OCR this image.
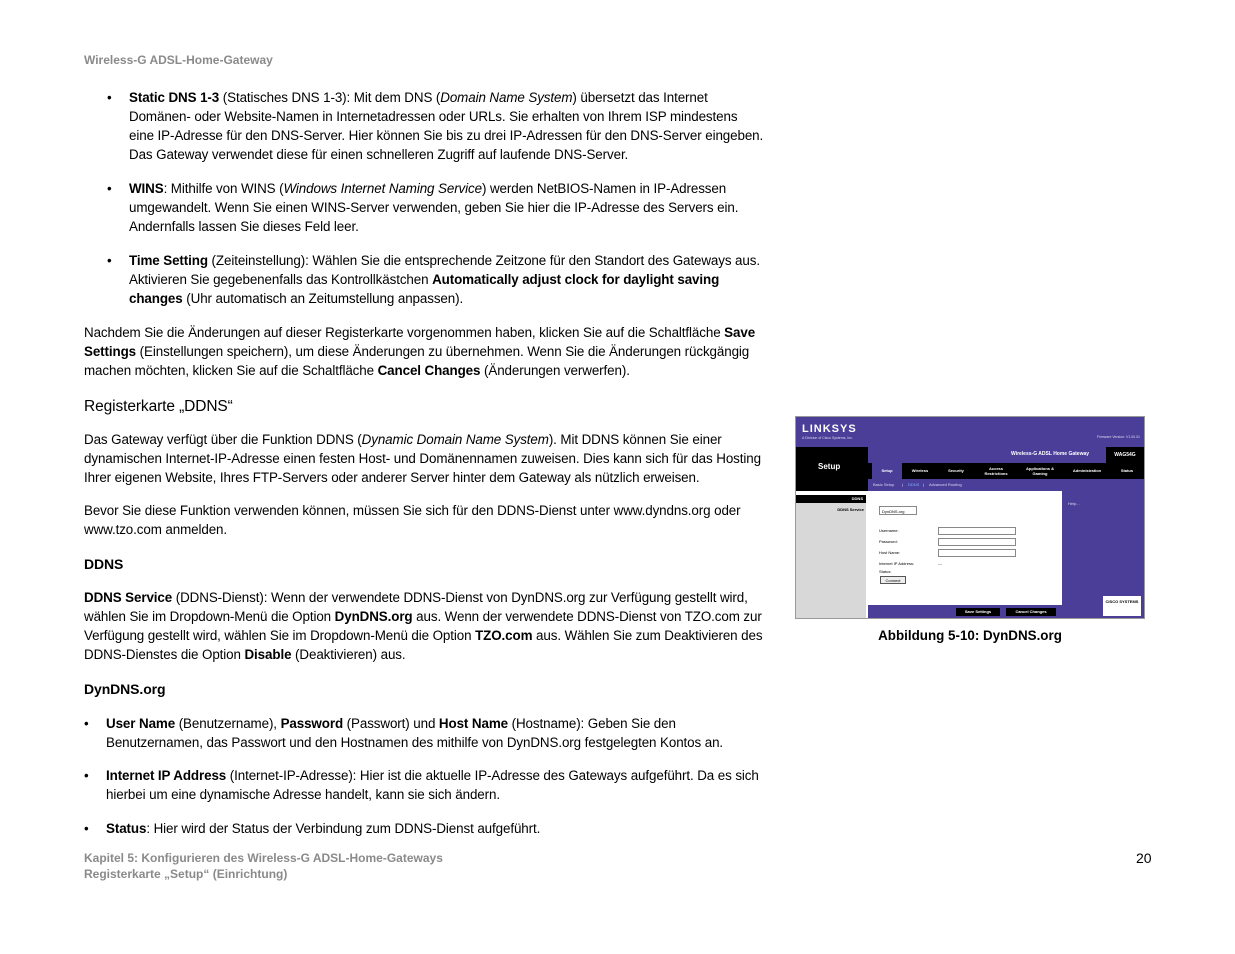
Wireless-G ADSL-Home-Gateway

• Static DNS 1-3 (Statisches DNS 1-3): Mit dem DNS (Domain Name System) übersetzt das Internet Domänen- oder Website-Namen in Internetadressen oder URLs. Sie erhalten von Ihrem ISP mindestens eine IP-Adresse für den DNS-Server. Hier können Sie bis zu drei IP-Adressen für den DNS-Server eingeben. Das Gateway verwendet diese für einen schnelleren Zugriff auf laufende DNS-Server.

• WINS: Mithilfe von WINS (Windows Internet Naming Service) werden NetBIOS-Namen in IP-Adressen umgewandelt. Wenn Sie einen WINS-Server verwenden, geben Sie hier die IP-Adresse des Servers ein. Andernfalls lassen Sie dieses Feld leer.

• Time Setting (Zeiteinstellung): Wählen Sie die entsprechende Zeitzone für den Standort des Gateways aus. Aktivieren Sie gegebenenfalls das Kontrollkästchen Automatically adjust clock for daylight saving changes (Uhr automatisch an Zeitumstellung anpassen).

Nachdem Sie die Änderungen auf dieser Registerkarte vorgenommen haben, klicken Sie auf die Schaltfläche Save Settings (Einstellungen speichern), um diese Änderungen zu übernehmen. Wenn Sie die Änderungen rückgängig machen möchten, klicken Sie auf die Schaltfläche Cancel Changes (Änderungen verwerfen).

Registerkarte „DDNS“

Das Gateway verfügt über die Funktion DDNS (Dynamic Domain Name System). Mit DDNS können Sie einer dynamischen Internet-IP-Adresse einen festen Host- und Domänennamen zuweisen. Dies kann sich für das Hosting Ihrer eigenen Website, Ihres FTP-Servers oder anderer Server hinter dem Gateway als nützlich erweisen.

Bevor Sie diese Funktion verwenden können, müssen Sie sich für den DDNS-Dienst unter www.dyndns.org oder www.tzo.com anmelden.

DDNS

DDNS Service (DDNS-Dienst): Wenn der verwendete DDNS-Dienst von DynDNS.org zur Verfügung gestellt wird, wählen Sie im Dropdown-Menü die Option DynDNS.org aus. Wenn der verwendete DDNS-Dienst von TZO.com zur Verfügung gestellt wird, wählen Sie im Dropdown-Menü die Option TZO.com aus. Wählen Sie zum Deaktivieren des DDNS-Dienstes die Option Disable (Deaktivieren) aus.

DynDNS.org

• User Name (Benutzername), Password (Passwort) und Host Name (Hostname): Geben Sie den Benutzernamen, das Passwort und den Hostnamen des mithilfe von DynDNS.org festgelegten Kontos an.

• Internet IP Address (Internet-IP-Adresse): Hier ist die aktuelle IP-Adresse des Gateways aufgeführt. Da es sich hierbei um eine dynamische Adresse handelt, kann sie sich ändern.

• Status: Hier wird der Status der Verbindung zum DDNS-Dienst aufgeführt.

LINKSYS
A Division of Cisco Systems, Inc.	Firmware Version: V1.00.01
Setup
Wireless-G ADSL Home Gateway	WAG54G
Setup	Wireless	Security	Access Restrictions
Applications & Gaming
Administration	Status
Basic Setup | DDNS | Advanced Routing
DDNS
DDNS Service
Help...
DynDNS.org
Username:
Password:
Host Name:
Internet IP Address:	---
Status:
Connect
Save Settings	Cancel Changes
CISCO SYSTEMS
Abbildung 5-10: DynDNS.org
Kapitel 5: Konfigurieren des Wireless-G ADSL-Home-Gateways
Registerkarte „Setup“ (Einrichtung)
20
